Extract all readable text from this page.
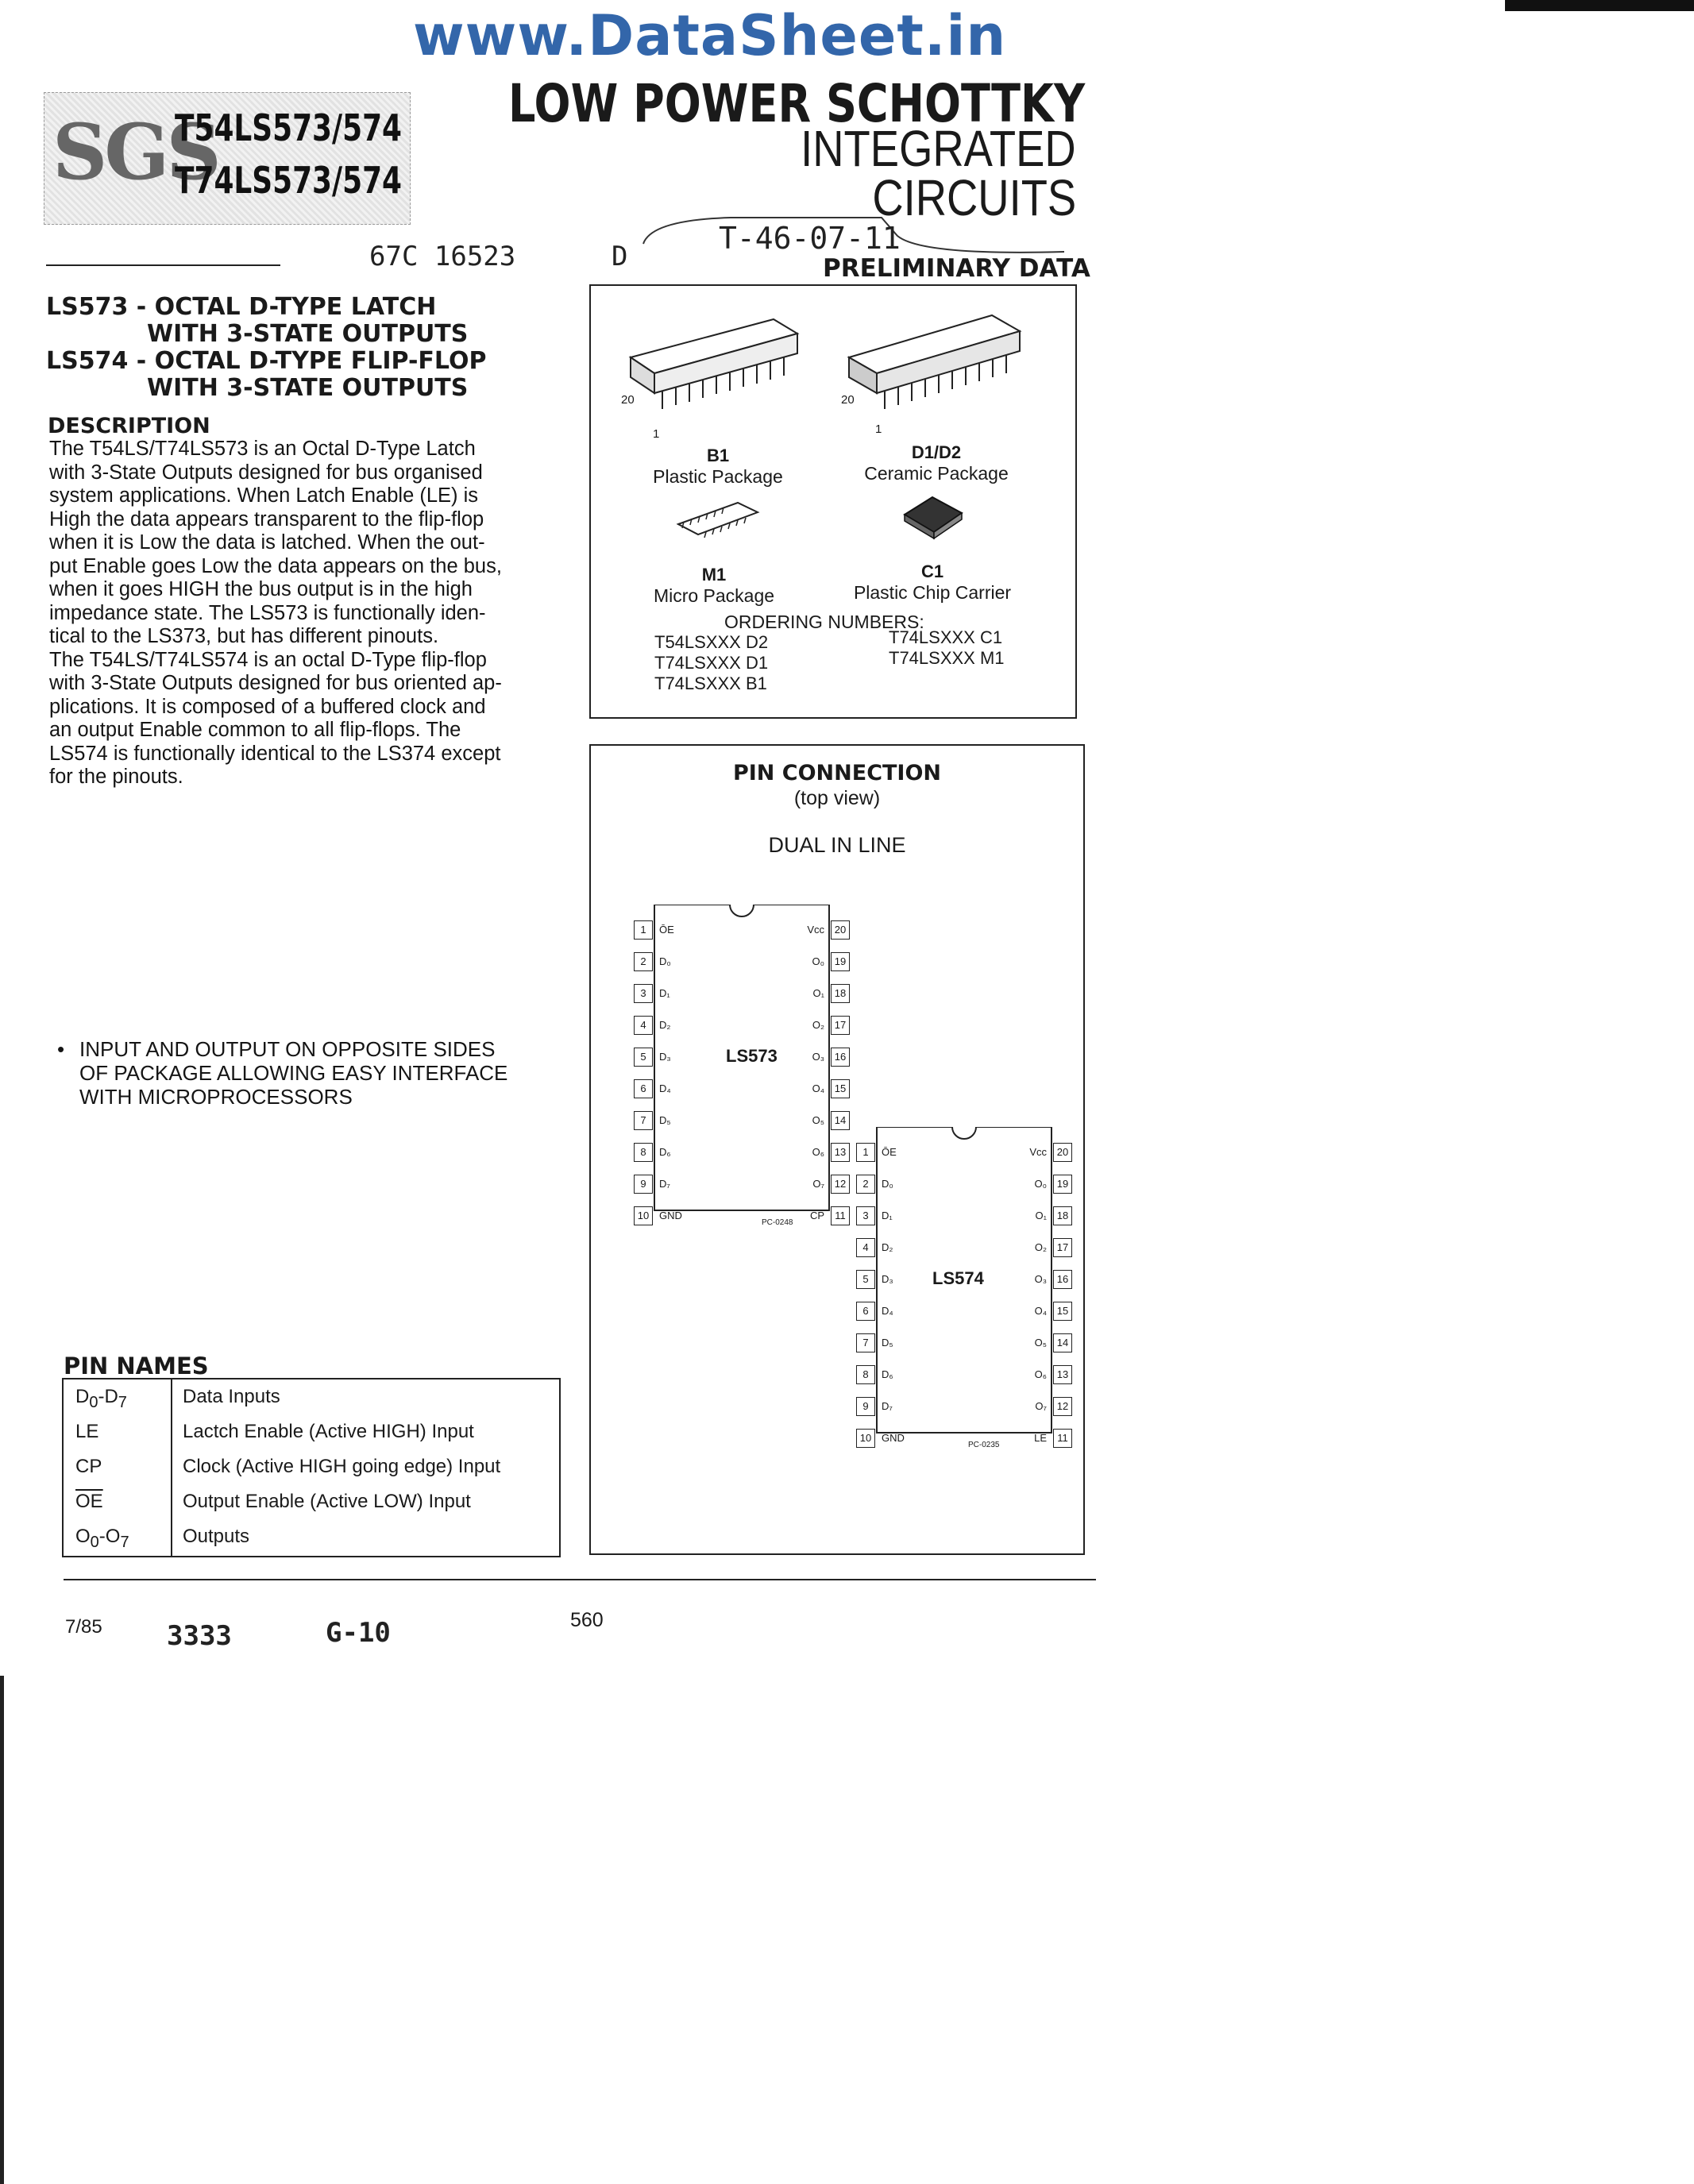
www.DataSheet.in
SGS
T54LS573/574
T74LS573/574
LOW POWER SCHOTTKY
INTEGRATED
CIRCUITS
67C 16523	D
T-46-07-11
PRELIMINARY DATA
LS573 - OCTAL D-TYPE LATCH
WITH 3-STATE OUTPUTS
LS574 - OCTAL D-TYPE FLIP-FLOP
WITH 3-STATE OUTPUTS
DESCRIPTION
The T54LS/T74LS573 is an Octal D-Type Latch
with 3-State Outputs designed for bus organised
system applications. When Latch Enable (LE) is
High the data appears transparent to the flip-flop
when it is Low the data is latched. When the out-
put Enable goes Low the data appears on the bus,
when it goes HIGH the bus output is in the high
impedance state. The LS573 is functionally iden-
tical to the LS373, but has different pinouts.
The T54LS/T74LS574 is an octal D-Type flip-flop
with 3-State Outputs designed for bus oriented ap-
plications. It is composed of a buffered clock and
an output Enable common to all flip-flops. The
LS574 is functionally identical to the LS374 except
for the pinouts.
• INPUT AND OUTPUT ON OPPOSITE SIDES
OF PACKAGE ALLOWING EASY INTERFACE
WITH MICROPROCESSORS
20
1
B1
Plastic Package
20
1
D1/D2
Ceramic Package
M1
Micro Package
C1
Plastic Chip Carrier
ORDERING NUMBERS:
T54LSXXX D2
T74LSXXX D1
T74LSXXX B1
T74LSXXX C1
T74LSXXX M1
PIN CONNECTION
(top view)
DUAL IN LINE
LS573
1	ŌE
2	D₀
3	D₁
4	D₂
5	D₃
6	D₄
7	D₅
8	D₆
9	D₇
10 GND
20
Vcc
19
O₀
18
O₁
17
O₂
16
O₃
15
O₄
14
O₅
13
O₆
12
O₇
11
CP
PC-0248
LS574
1	ŌE
2	D₀
3	D₁
4	D₂
5	D₃
6	D₄
7	D₅
8	D₆
9	D₇
10 GND
20
Vcc
19
O₀
18
O₁
17
O₂
16
O₃
15
O₄
14
O₅
13
O₆
12
O₇
11
LE
PC-0235
PIN NAMES
$D_0-D_7$	Data Inputs
LE	Lactch Enable (Active HIGH) Input
CP	Clock (Active HIGH going edge) Input
$\overline{OE}$	Output Enable (Active LOW) Input
$O_0-O_7$	Outputs
7/85 3333	G-10	560
